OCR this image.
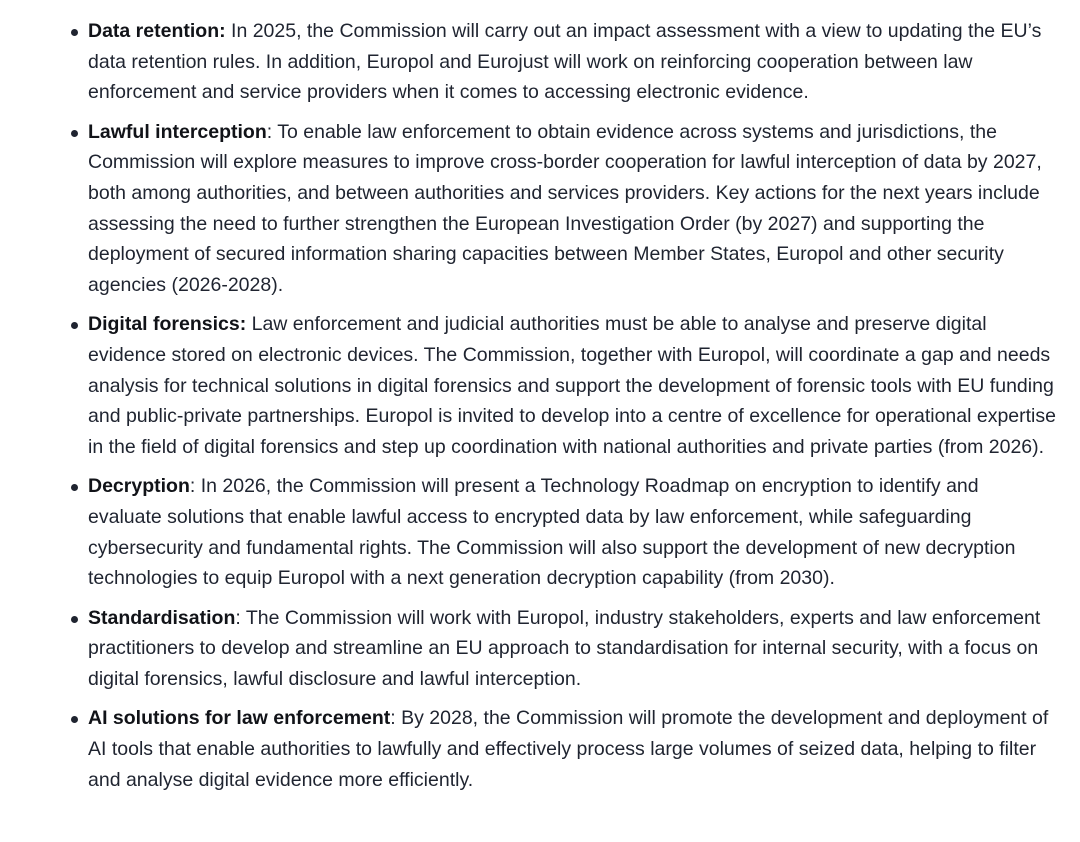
Data retention: In 2025, the Commission will carry out an impact assessment with a view to updating the EU’s data retention rules. In addition, Europol and Eurojust will work on reinforcing cooperation between law enforcement and service providers when it comes to accessing electronic evidence.
Lawful interception: To enable law enforcement to obtain evidence across systems and jurisdictions, the Commission will explore measures to improve cross-border cooperation for lawful interception of data by 2027, both among authorities, and between authorities and services providers. Key actions for the next years include assessing the need to further strengthen the European Investigation Order (by 2027) and supporting the deployment of secured information sharing capacities between Member States, Europol and other security agencies (2026-2028).
Digital forensics: Law enforcement and judicial authorities must be able to analyse and preserve digital evidence stored on electronic devices. The Commission, together with Europol, will coordinate a gap and needs analysis for technical solutions in digital forensics and support the development of forensic tools with EU funding and public-private partnerships. Europol is invited to develop into a centre of excellence for operational expertise in the field of digital forensics and step up coordination with national authorities and private parties (from 2026).
Decryption: In 2026, the Commission will present a Technology Roadmap on encryption to identify and evaluate solutions that enable lawful access to encrypted data by law enforcement, while safeguarding cybersecurity and fundamental rights. The Commission will also support the development of new decryption technologies to equip Europol with a next generation decryption capability (from 2030).
Standardisation: The Commission will work with Europol, industry stakeholders, experts and law enforcement practitioners to develop and streamline an EU approach to standardisation for internal security, with a focus on digital forensics, lawful disclosure and lawful interception.
AI solutions for law enforcement: By 2028, the Commission will promote the development and deployment of AI tools that enable authorities to lawfully and effectively process large volumes of seized data, helping to filter and analyse digital evidence more efficiently.
